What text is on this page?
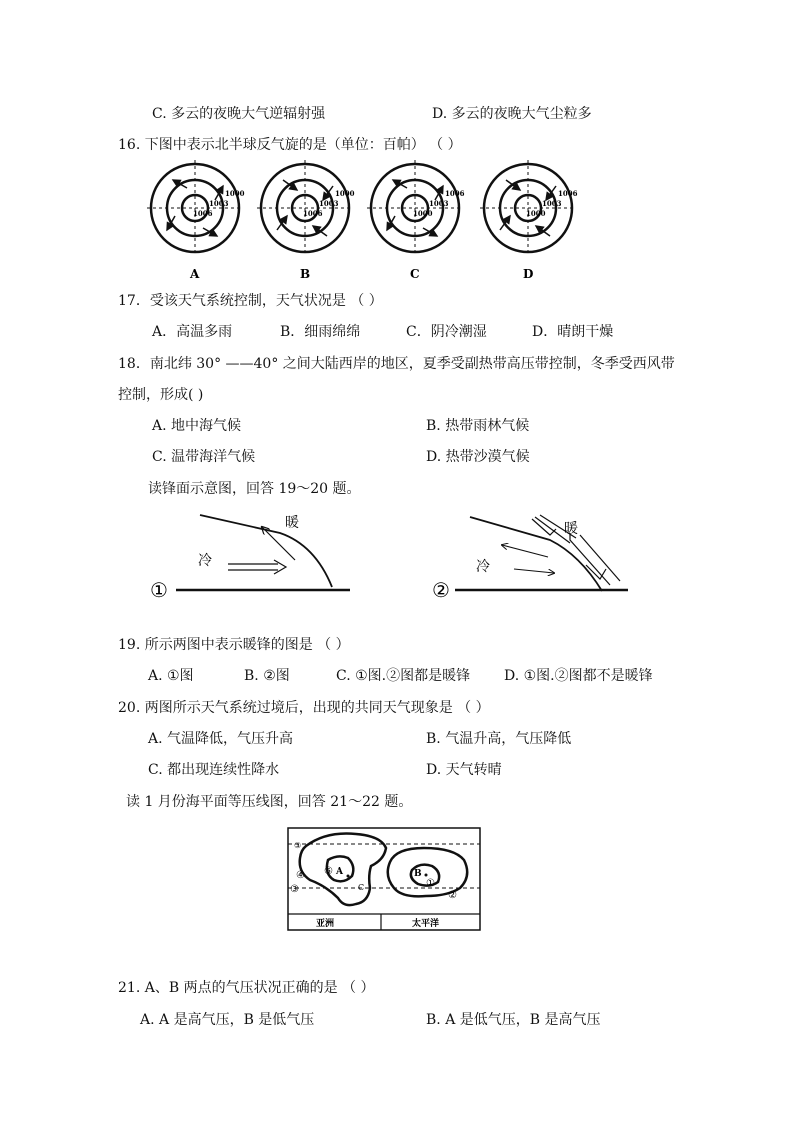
C. 多云的夜晚大气逆辐射强	D. 多云的夜晚大气尘粒多
16. 下图中表示北半球反气旋的是（单位：百帕） （ ）
1000
1003
1006
A
1000
1003
1006
B
1006
1003
1000
C
1006
1003
1000
D
17．受该天气系统控制，天气状况是 （ ）
A．高温多雨	B．细雨绵绵	C．阴冷潮湿	D．晴朗干燥
18．南北纬 30° ——40° 之间大陆西岸的地区，夏季受副热带高压带控制，冬季受西风带
控制，形成( )
A. 地中海气候	B. 热带雨林气候
C. 温带海洋气候	D. 热带沙漠气候
读锋面示意图，回答 19～20 题。
①
暖
冷
②
暖
冷
19. 所示两图中表示暖锋的图是 （ ）
A. ①图	B. ②图	C. ①图.②图都是暖锋 D. ①图.②图都不是暖锋
20. 两图所示天气系统过境后，出现的共同天气现象是 （ ）
A. 气温降低，气压升高	B. 气温升高，气压降低
C. 都出现连续性降水	D. 天气转晴
读 1 月份海平面等压线图，回答 21～22 题。
③
④
③
⑤ A
C
B
①
②
亚洲	太平洋
21. A、B 两点的气压状况正确的是 （ ）
A. A 是高气压，B 是低气压	B. A 是低气压，B 是高气压
